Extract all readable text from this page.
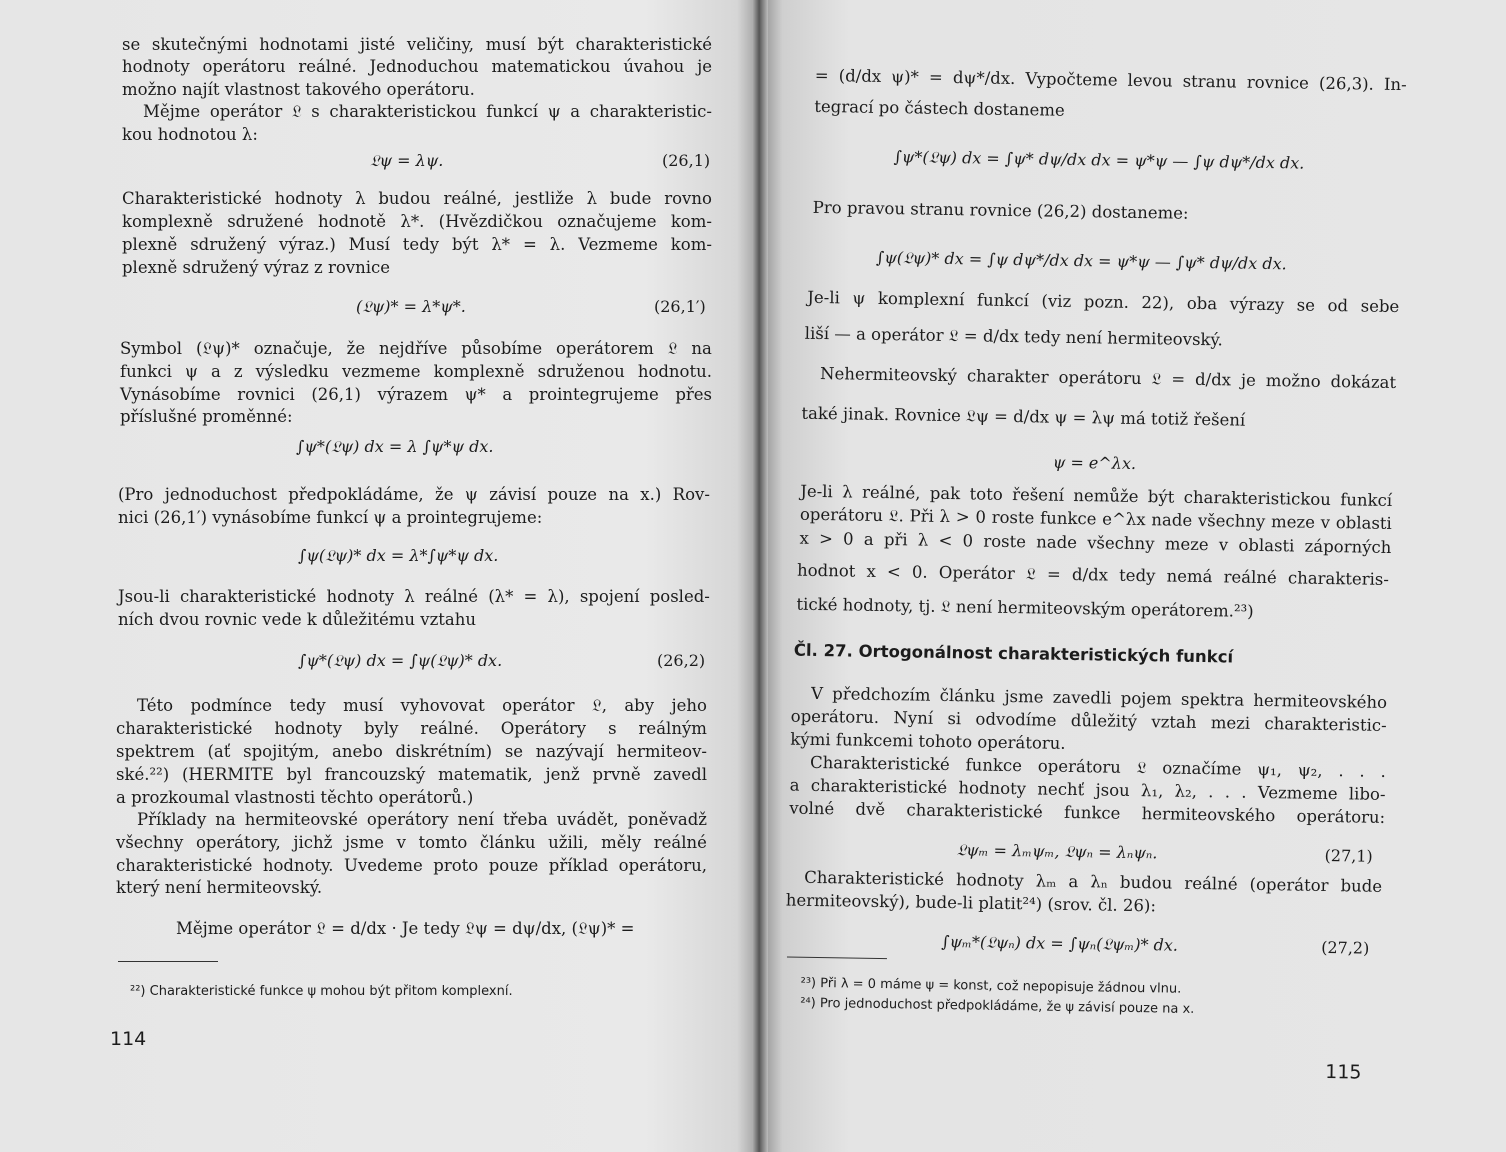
se skutečnými hodnotami jisté veličiny, musí být charakteristické
hodnoty operátoru reálné. Jednoduchou matematickou úvahou je
možno najít vlastnost takového operátoru.
Mějme operátor 𝔏 s charakteristickou funkcí ψ a charakteristic-
kou hodnotou λ:
𝔏ψ = λψ.	(26,1)
Charakteristické hodnoty λ budou reálné, jestliže λ bude rovno
komplexně sdružené hodnotě λ*. (Hvězdičkou označujeme kom-
plexně sdružený výraz.) Musí tedy být λ* = λ. Vezmeme kom-
plexně sdružený výraz z rovnice
(𝔏ψ)* = λ*ψ*.	(26,1′)
Symbol (𝔏ψ)* označuje, že nejdříve působíme operátorem 𝔏 na
funkci ψ a z výsledku vezmeme komplexně sdruženou hodnotu.
Vynásobíme rovnici (26,1) výrazem ψ* a prointegrujeme přes
příslušné proměnné:
∫ψ*(𝔏ψ) dx = λ ∫ψ*ψ dx.
(Pro jednoduchost předpokládáme, že ψ závisí pouze na x.) Rov-
nici (26,1′) vynásobíme funkcí ψ a prointegrujeme:
∫ψ(𝔏ψ)* dx = λ*∫ψ*ψ dx.
Jsou-li charakteristické hodnoty λ reálné (λ* = λ), spojení posled-
ních dvou rovnic vede k důležitému vztahu
∫ψ*(𝔏ψ) dx = ∫ψ(𝔏ψ)* dx.	(26,2)
Této podmínce tedy musí vyhovovat operátor 𝔏, aby jeho
charakteristické hodnoty byly reálné. Operátory s reálným
spektrem (ať spojitým, anebo diskrétním) se nazývají hermiteov-
ské.²²) (HERMITE byl francouzský matematik, jenž prvně zavedl
a prozkoumal vlastnosti těchto operátorů.)
Příklady na hermiteovské operátory není třeba uvádět, poněvadž
všechny operátory, jichž jsme v tomto článku užili, měly reálné
charakteristické hodnoty. Uvedeme proto pouze příklad operátoru,
který není hermiteovský.
Mějme operátor 𝔏 = d/dx · Je tedy 𝔏ψ = dψ/dx, (𝔏ψ)* =
²²) Charakteristické funkce ψ mohou být přitom komplexní.
114
= (d/dx ψ)* = dψ*/dx. Vypočteme levou stranu rovnice (26,3). In-
tegrací po částech dostaneme
∫ψ*(𝔏ψ) dx = ∫ψ* dψ/dx dx = ψ*ψ — ∫ψ dψ*/dx dx.
Pro pravou stranu rovnice (26,2) dostaneme:
∫ψ(𝔏ψ)* dx = ∫ψ dψ*/dx dx = ψ*ψ — ∫ψ* dψ/dx dx.
Je-li ψ komplexní funkcí (viz pozn. 22), oba výrazy se od sebe
liší — a operátor 𝔏 = d/dx tedy není hermiteovský.
Nehermiteovský charakter operátoru 𝔏 = d/dx je možno dokázat
také jinak. Rovnice 𝔏ψ = d/dx ψ = λψ má totiž řešení
ψ = e^λx.
Je-li λ reálné, pak toto řešení nemůže být charakteristickou funkcí
operátoru 𝔏. Při λ > 0 roste funkce e^λx nade všechny meze v oblasti
x > 0 a při λ < 0 roste nade všechny meze v oblasti záporných
hodnot x < 0. Operátor 𝔏 = d/dx tedy nemá reálné charakteris-
tické hodnoty, tj. 𝔏 není hermiteovským operátorem.²³)
Čl. 27. Ortogonálnost charakteristických funkcí
V předchozím článku jsme zavedli pojem spektra hermiteovského
operátoru. Nyní si odvodíme důležitý vztah mezi charakteristic-
kými funkcemi tohoto operátoru.
Charakteristické funkce operátoru 𝔏 označíme ψ₁, ψ₂, . . .
a charakteristické hodnoty nechť jsou λ₁, λ₂, . . . Vezmeme libo-
volné dvě charakteristické funkce hermiteovského operátoru:
𝔏ψₘ = λₘψₘ, 𝔏ψₙ = λₙψₙ.	(27,1)
Charakteristické hodnoty λₘ a λₙ budou reálné (operátor bude
hermiteovský), bude-li platit²⁴) (srov. čl. 26):
∫ψₘ*(𝔏ψₙ) dx = ∫ψₙ(𝔏ψₘ)* dx.	(27,2)
²³) Při λ = 0 máme ψ = konst, což nepopisuje žádnou vlnu.
²⁴) Pro jednoduchost předpokládáme, že ψ závisí pouze na x.
115
